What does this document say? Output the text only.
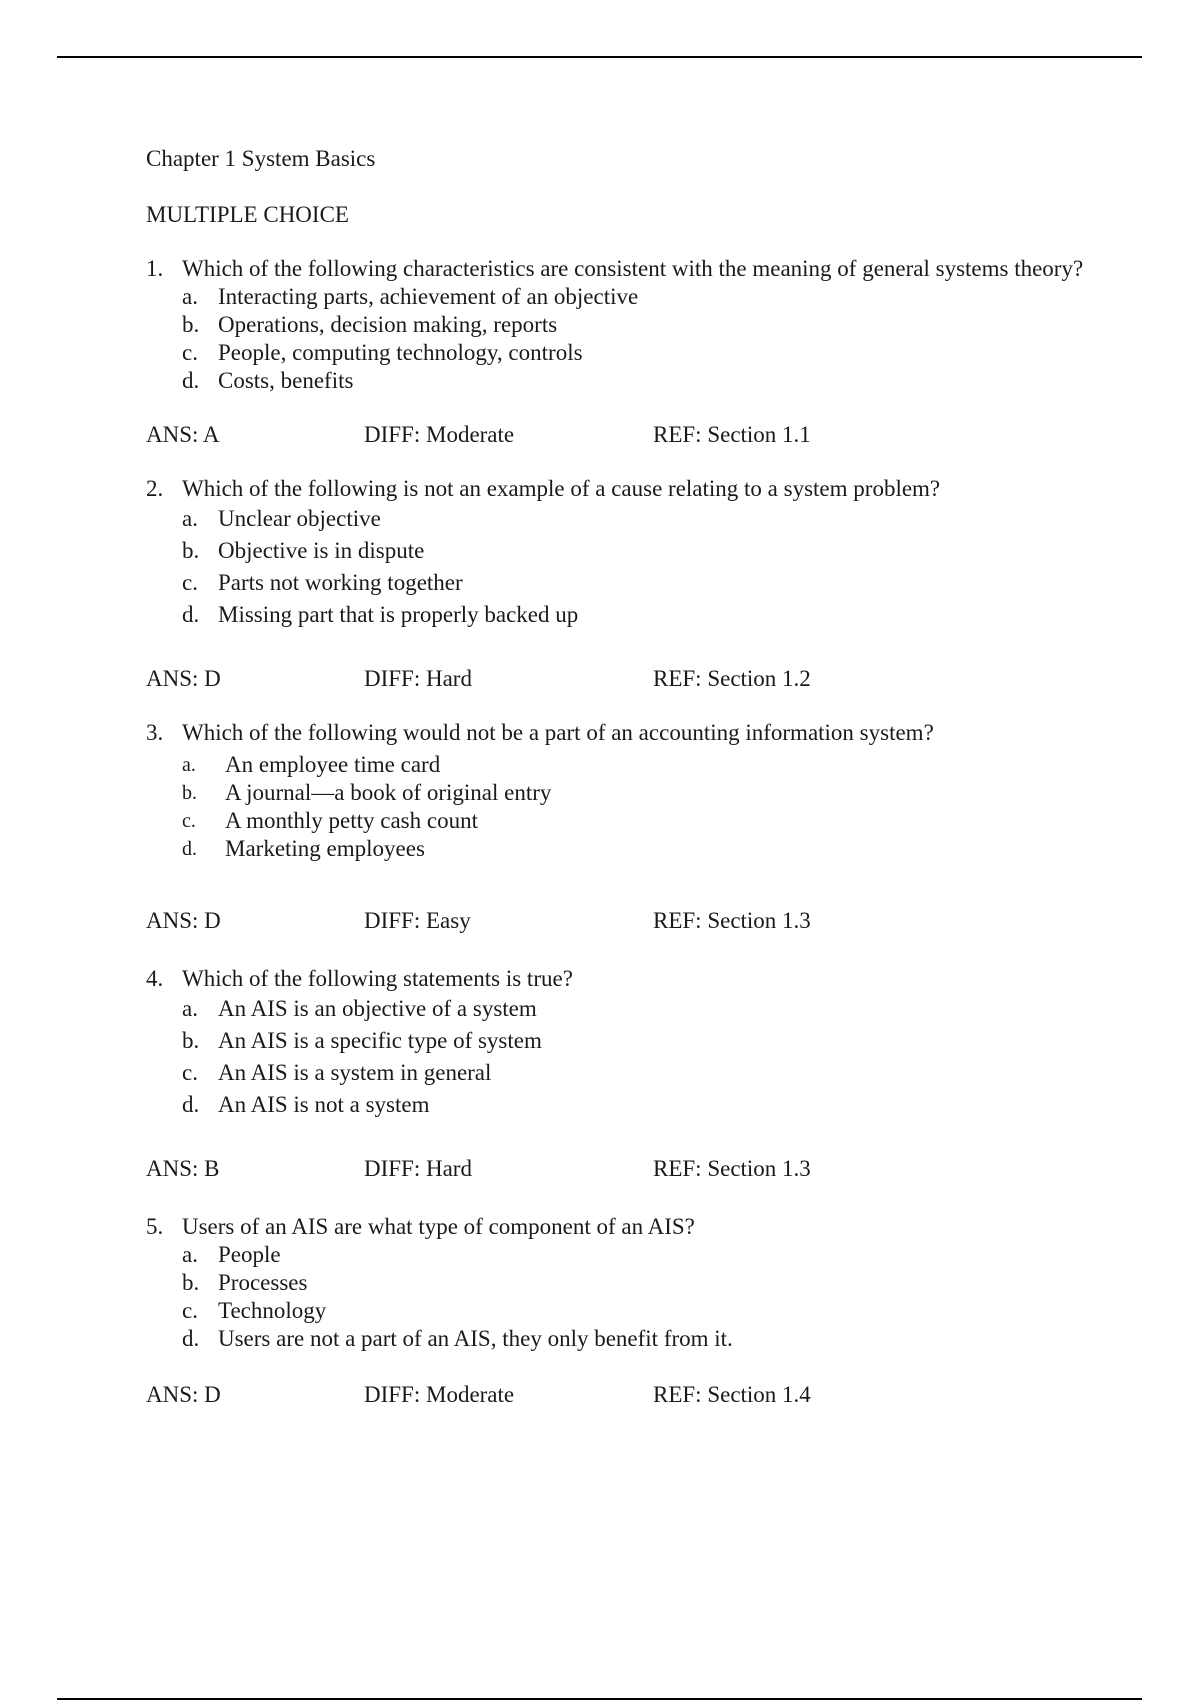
Chapter 1 System Basics

MULTIPLE CHOICE

1. Which of the following characteristics are consistent with the meaning of general systems theory?
a. Interacting parts, achievement of an objective
b. Operations, decision making, reports
c. People, computing technology, controls
d. Costs, benefits
ANS: A	DIFF: Moderate	REF: Section 1.1
2. Which of the following is not an example of a cause relating to a system problem?
a. Unclear objective
b. Objective is in dispute
c. Parts not working together
d. Missing part that is properly backed up
ANS: D	DIFF: Hard	REF: Section 1.2
3. Which of the following would not be a part of an accounting information system?
a. An employee time card
b. A journal—a book of original entry
c. A monthly petty cash count
d. Marketing employees
ANS: D	DIFF: Easy	REF: Section 1.3
4. Which of the following statements is true?
a. An AIS is an objective of a system
b. An AIS is a specific type of system
c. An AIS is a system in general
d. An AIS is not a system
ANS: B	DIFF: Hard	REF: Section 1.3
5. Users of an AIS are what type of component of an AIS?
a. People
b. Processes
c. Technology
d. Users are not a part of an AIS, they only benefit from it.
ANS: D	DIFF: Moderate	REF: Section 1.4
